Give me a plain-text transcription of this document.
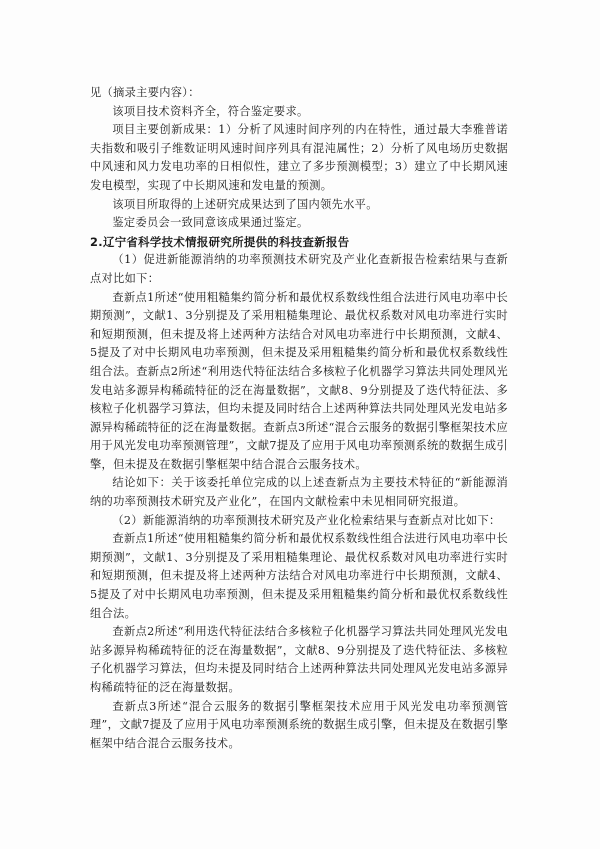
见（摘录主要内容）：

该项目技术资料齐全，符合鉴定要求。

项目主要创新成果：1）分析了风速时间序列的内在特性，通过最大李雅普诺夫指数和吸引子维数证明风速时间序列具有混沌属性；2）分析了风电场历史数据中风速和风力发电功率的日相似性，建立了多步预测模型；3）建立了中长期风速发电模型，实现了中长期风速和发电量的预测。

该项目所取得的上述研究成果达到了国内领先水平。

鉴定委员会一致同意该成果通过鉴定。

2.辽宁省科学技术情报研究所提供的科技查新报告

（1）促进新能源消纳的功率预测技术研究及产业化查新报告检索结果与查新点对比如下：

查新点1所述“使用粗糙集约简分析和最优权系数线性组合法进行风电功率中长期预测”，文献1、3分别提及了采用粗糙集理论、最优权系数对风电功率进行实时和短期预测，但未提及将上述两种方法结合对风电功率进行中长期预测，文献4、5提及了对中长期风电功率预测，但未提及采用粗糙集约简分析和最优权系数线性组合法。查新点2所述“利用迭代特征法结合多核粒子化机器学习算法共同处理风光发电站多源异构稀疏特征的泛在海量数据”，文献8、9分别提及了迭代特征法、多核粒子化机器学习算法，但均未提及同时结合上述两种算法共同处理风光发电站多源异构稀疏特征的泛在海量数据。查新点3所述“混合云服务的数据引擎框架技术应用于风光发电功率预测管理”，文献7提及了应用于风电功率预测系统的数据生成引擎，但未提及在数据引擎框架中结合混合云服务技术。

结论如下：关于该委托单位完成的以上述查新点为主要技术特征的“新能源消纳的功率预测技术研究及产业化”，在国内文献检索中未见相同研究报道。

（2）新能源消纳的功率预测技术研究及产业化检索结果与查新点对比如下：

查新点1所述“使用粗糙集约简分析和最优权系数线性组合法进行风电功率中长期预测”，文献1、3分别提及了采用粗糙集理论、最优权系数对风电功率进行实时和短期预测，但未提及将上述两种方法结合对风电功率进行中长期预测，文献4、5提及了对中长期风电功率预测，但未提及采用粗糙集约简分析和最优权系数线性组合法。

查新点2所述“利用迭代特征法结合多核粒子化机器学习算法共同处理风光发电站多源异构稀疏特征的泛在海量数据”，文献8、9分别提及了迭代特征法、多核粒子化机器学习算法，但均未提及同时结合上述两种算法共同处理风光发电站多源异构稀疏特征的泛在海量数据。

查新点3所述“混合云服务的数据引擎框架技术应用于风光发电功率预测管理”，文献7提及了应用于风电功率预测系统的数据生成引擎，但未提及在数据引擎框架中结合混合云服务技术。
